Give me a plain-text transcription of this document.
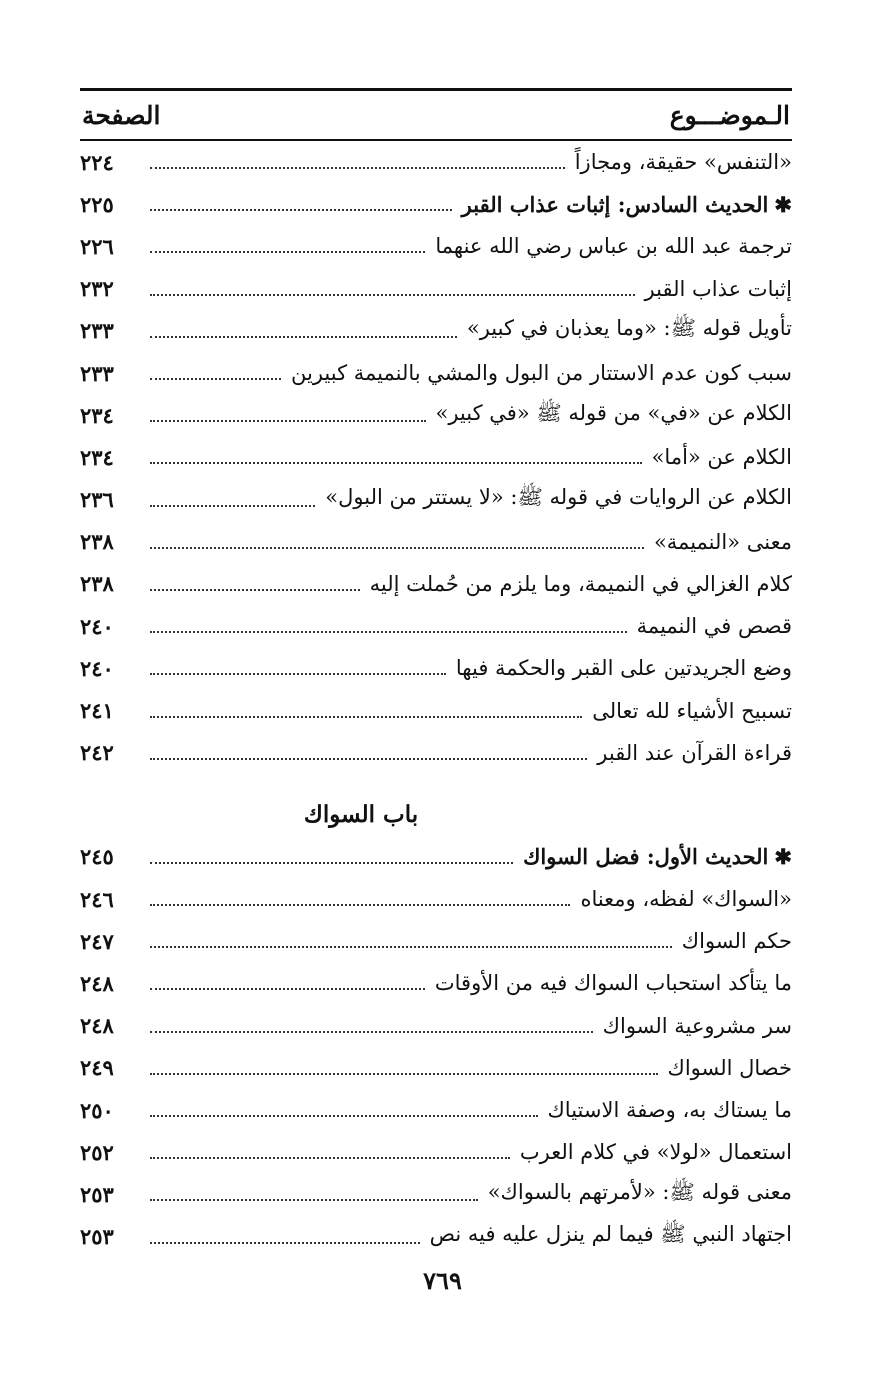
الـموضـــوع
الصفحة
«التنفس» حقيقة، ومجازاً
٢٢٤
✱الحديث السادس: إثبات عذاب القبر
٢٢٥
ترجمة عبد الله بن عباس رضي الله عنهما
٢٢٦
إثبات عذاب القبر
٢٣٢
تأويل قوله ﷺ: «وما يعذبان في كبير»
٢٣٣
سبب كون عدم الاستتار من البول والمشي بالنميمة كبيرين
٢٣٣
الكلام عن «في» من قوله ﷺ «في كبير»
٢٣٤
الكلام عن «أما»
٢٣٤
الكلام عن الروايات في قوله ﷺ: «لا يستتر من البول»
٢٣٦
معنى «النميمة»
٢٣٨
كلام الغزالي في النميمة، وما يلزم من حُملت إليه
٢٣٨
قصص في النميمة
٢٤٠
وضع الجريدتين على القبر والحكمة فيها
٢٤٠
تسبيح الأشياء لله تعالى
٢٤١
قراءة القرآن عند القبر
٢٤٢
باب السواك
✱الحديث الأول: فضل السواك
٢٤٥
«السواك» لفظه، ومعناه
٢٤٦
حكم السواك
٢٤٧
ما يتأكد استحباب السواك فيه من الأوقات
٢٤٨
سر مشروعية السواك
٢٤٨
خصال السواك
٢٤٩
ما يستاك به، وصفة الاستياك
٢٥٠
استعمال «لولا» في كلام العرب
٢٥٢
معنى قوله ﷺ: «لأمرتهم بالسواك»
٢٥٣
اجتهاد النبي ﷺ فيما لم ينزل عليه فيه نص
٢٥٣
٧٦٩
